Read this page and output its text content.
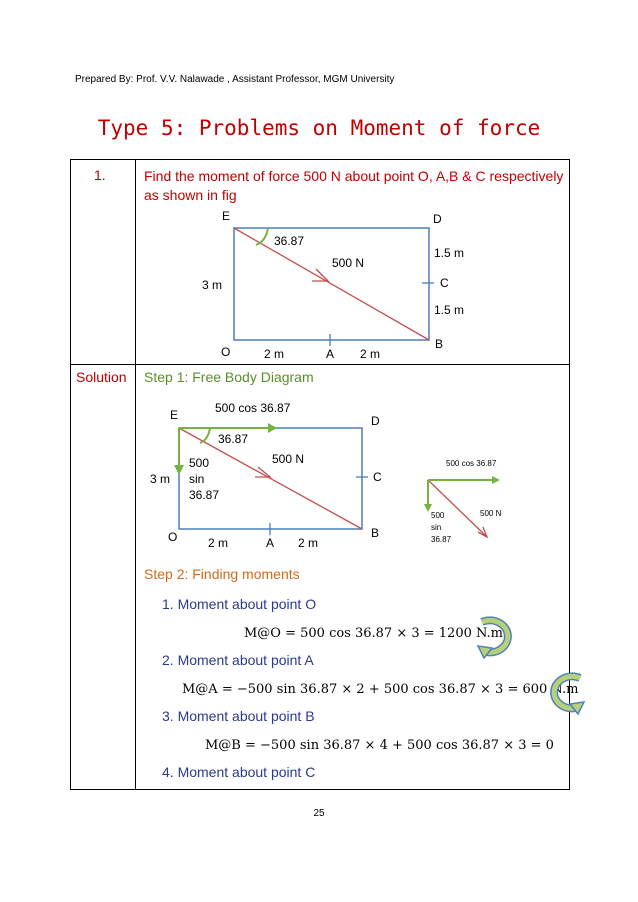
Prepared By: Prof. V.V. Nalawade , Assistant Professor, MGM University
Type 5: Problems on Moment of force
1.	Find the moment of force 500 N about point O, A,B & C respectively as shown in fig
E	D
36.87
500 N
1.5 m
C
3 m
1.5 m
B
O	2 m	A 2 m
Solution Step 1: Free Body Diagram
500 cos 36.87
E	D
36.87
500	500 N
3 m sin	C
36.87
B
O	2 m	A 2 m
500 cos 36.87
500 N
500
sin
36.87
Step 2: Finding moments
1. Moment about point O
M@O = 500 cos 36.87 × 3 = 1200 N.m
2. Moment about point A
M@A = −500 sin 36.87 × 2 + 500 cos 36.87 × 3 = 600 N.m
3. Moment about point B
M@B = −500 sin 36.87 × 4 + 500 cos 36.87 × 3 = 0
4. Moment about point C
25
